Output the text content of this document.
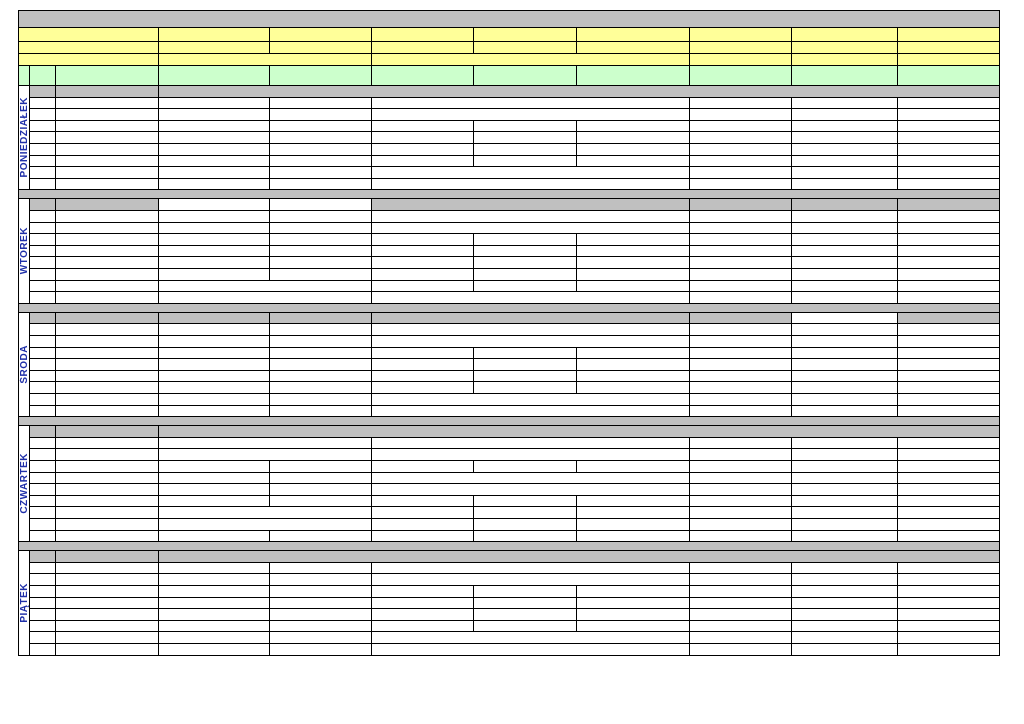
PONIEDZIAŁEK
WTOREK
ŚRODA
CZWARTEK
PIĄTEK
